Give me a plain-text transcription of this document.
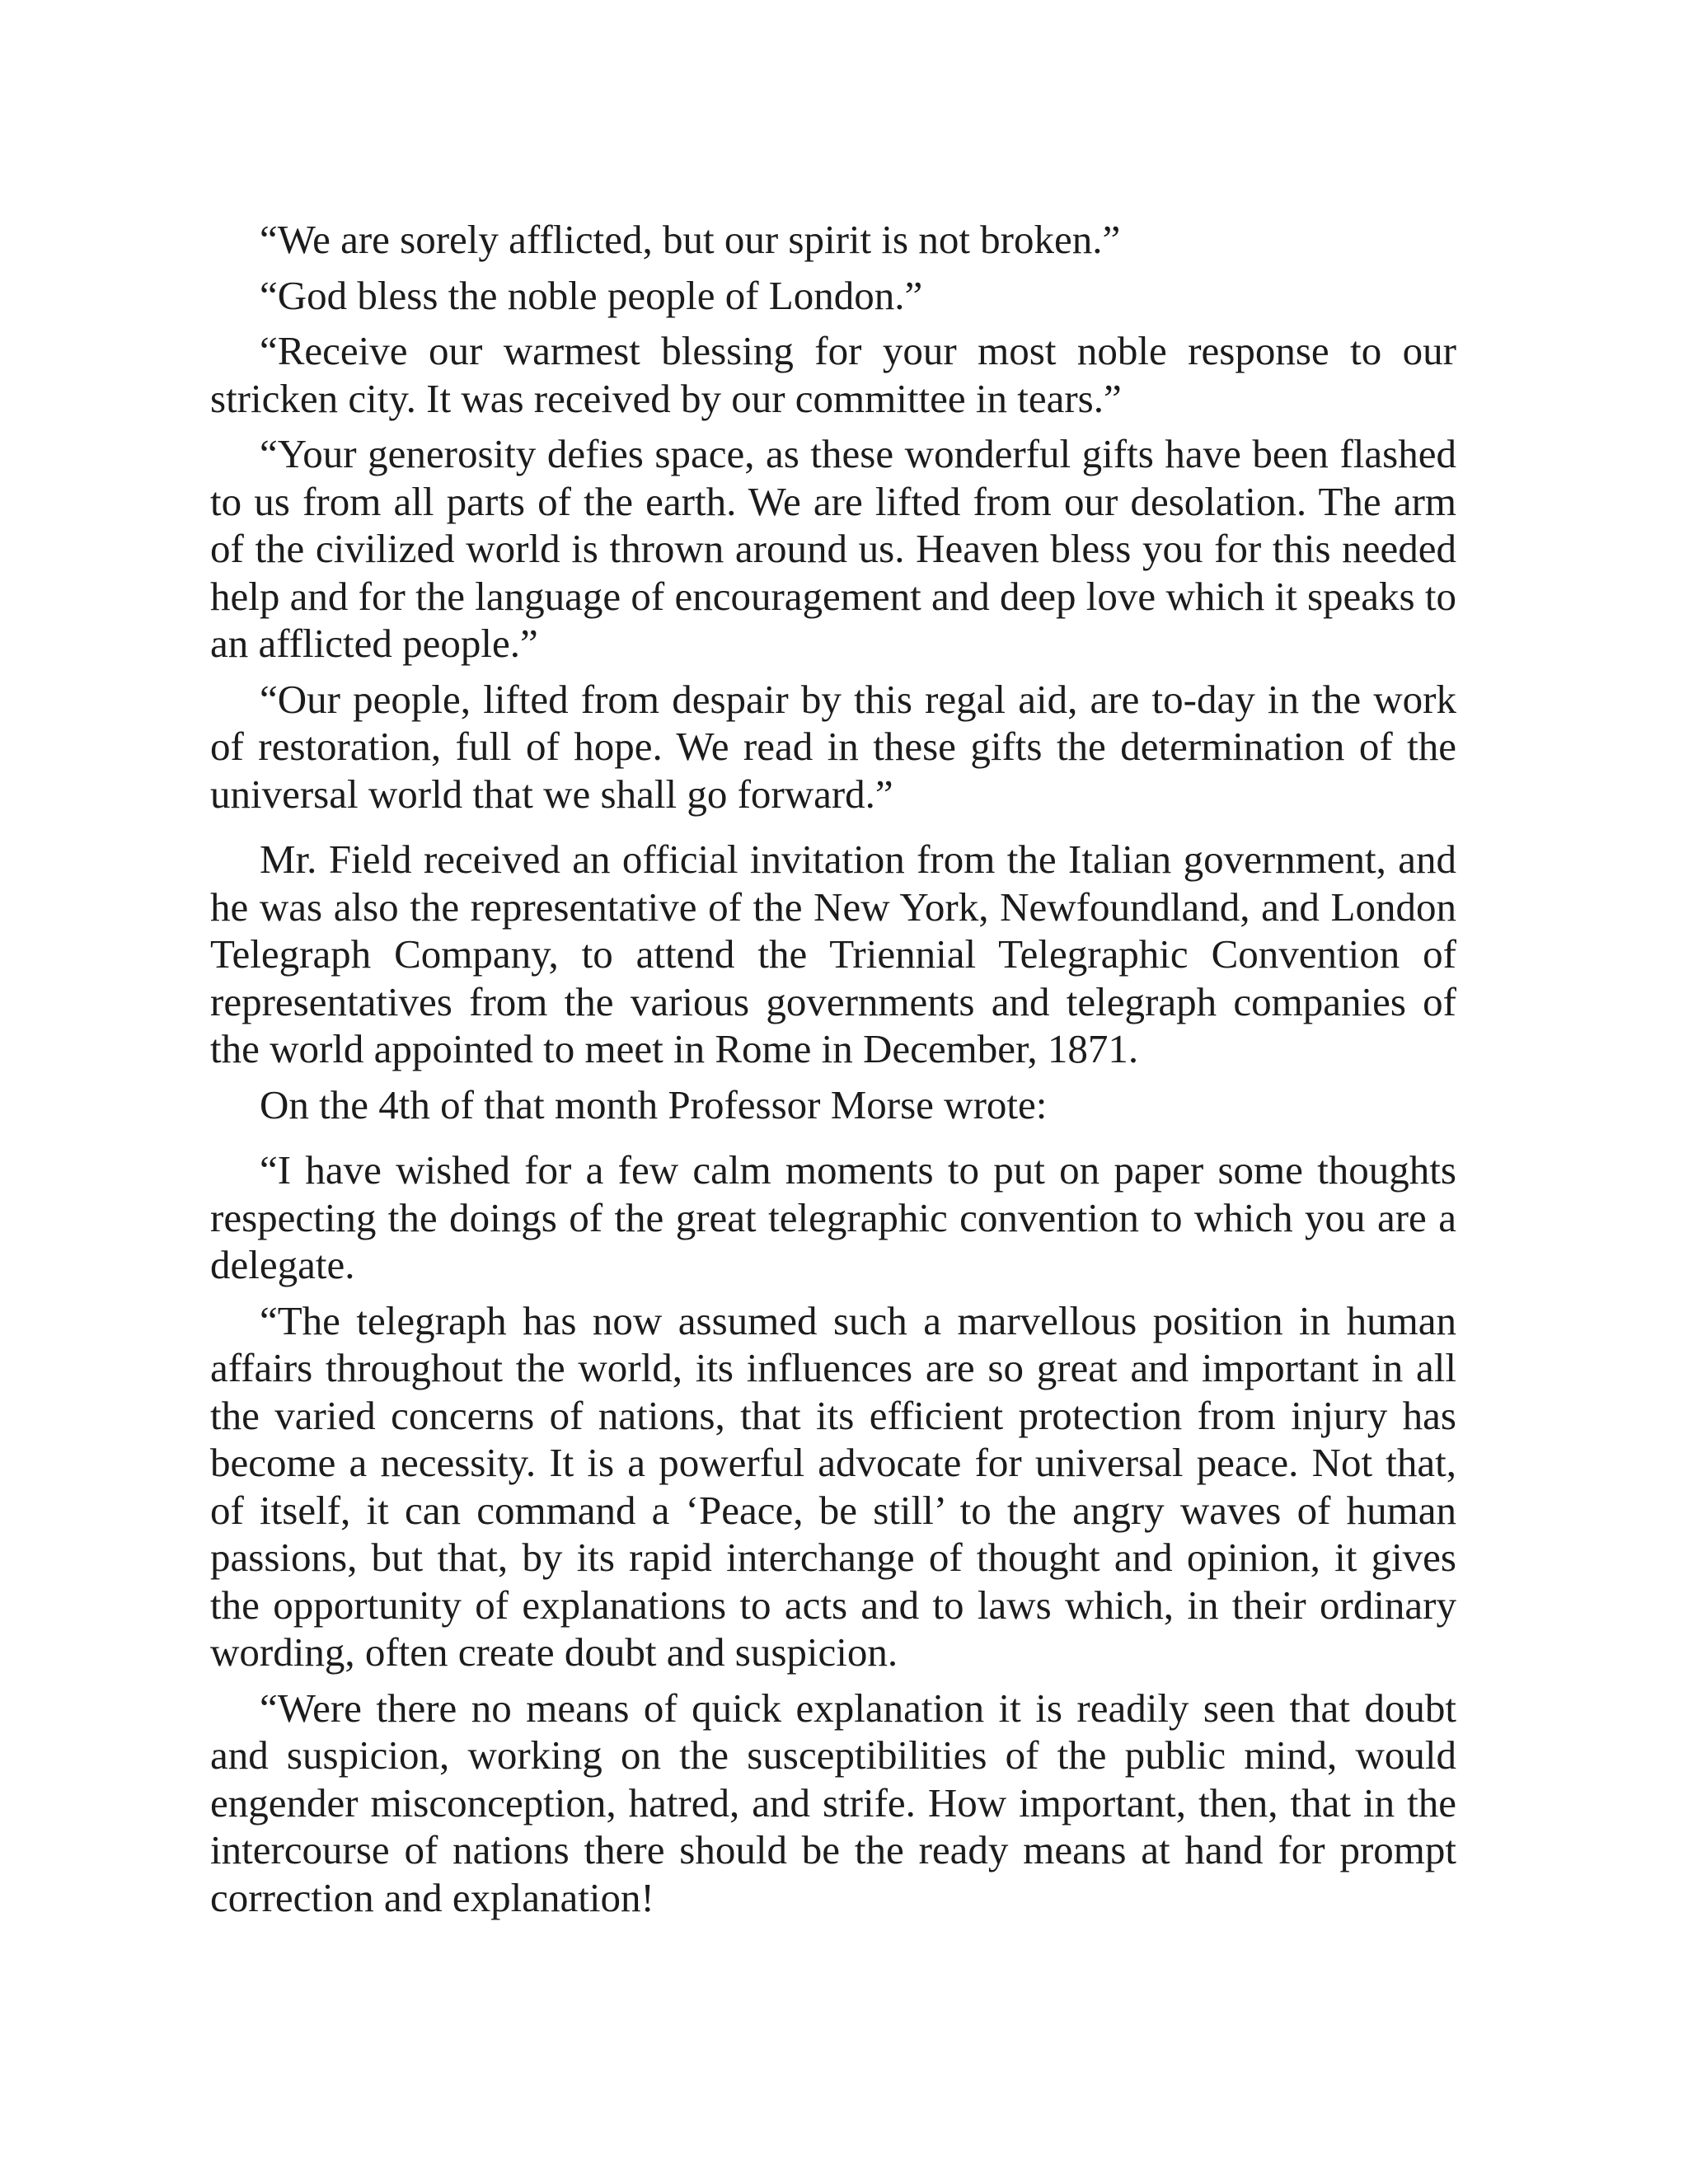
“We are sorely afflicted, but our spirit is not broken.”

“God bless the noble people of London.”

“Receive our warmest blessing for your most noble response to our stricken city. It was received by our committee in tears.”

“Your generosity defies space, as these wonderful gifts have been flashed to us from all parts of the earth. We are lifted from our desolation. The arm of the civilized world is thrown around us. Heaven bless you for this needed help and for the language of encouragement and deep love which it speaks to an afflicted people.”

“Our people, lifted from despair by this regal aid, are to-day in the work of restoration, full of hope. We read in these gifts the determination of the universal world that we shall go forward.”

Mr. Field received an official invitation from the Italian government, and he was also the representative of the New York, Newfoundland, and London Telegraph Company, to attend the Triennial Telegraphic Convention of representatives from the various governments and telegraph companies of the world appointed to meet in Rome in December, 1871.

On the 4th of that month Professor Morse wrote:

“I have wished for a few calm moments to put on paper some thoughts respecting the doings of the great telegraphic convention to which you are a delegate.

“The telegraph has now assumed such a marvellous position in human affairs throughout the world, its influences are so great and important in all the varied concerns of nations, that its efficient protection from injury has become a necessity. It is a powerful advocate for universal peace. Not that, of itself, it can command a ‘Peace, be still’ to the angry waves of human passions, but that, by its rapid interchange of thought and opinion, it gives the opportunity of explanations to acts and to laws which, in their ordinary wording, often create doubt and suspicion.

“Were there no means of quick explanation it is readily seen that doubt and suspicion, working on the susceptibilities of the public mind, would engender misconception, hatred, and strife. How important, then, that in the intercourse of nations there should be the ready means at hand for prompt correction and explanation!
